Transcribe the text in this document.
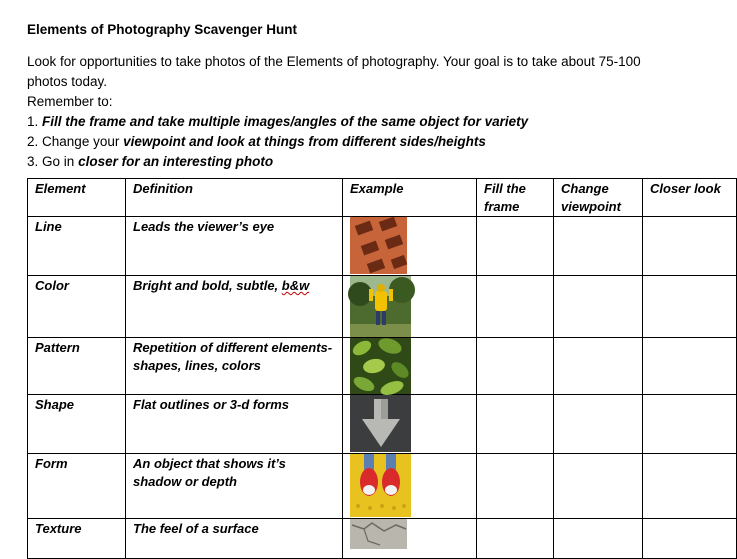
Elements of Photography Scavenger Hunt

Look for opportunities to take photos of the Elements of photography. Your goal is to take about 75-100 photos today.

Remember to:

1. Fill the frame and take multiple images/angles of the same object for variety

2. Change your viewpoint and look at things from different sides/heights

3. Go in closer for an interesting photo

Element	Definition	Example	Fill the frame	Change viewpoint	Closer look
Line	Leads the viewer’s eye	

Color	Bright and bold, subtle, b&w	

Pattern	Repetition of different elements- shapes, lines, colors	

Shape	Flat outlines or 3-d forms	

Form	An object that shows it’s shadow or depth	

Texture	The feel of a surface	
